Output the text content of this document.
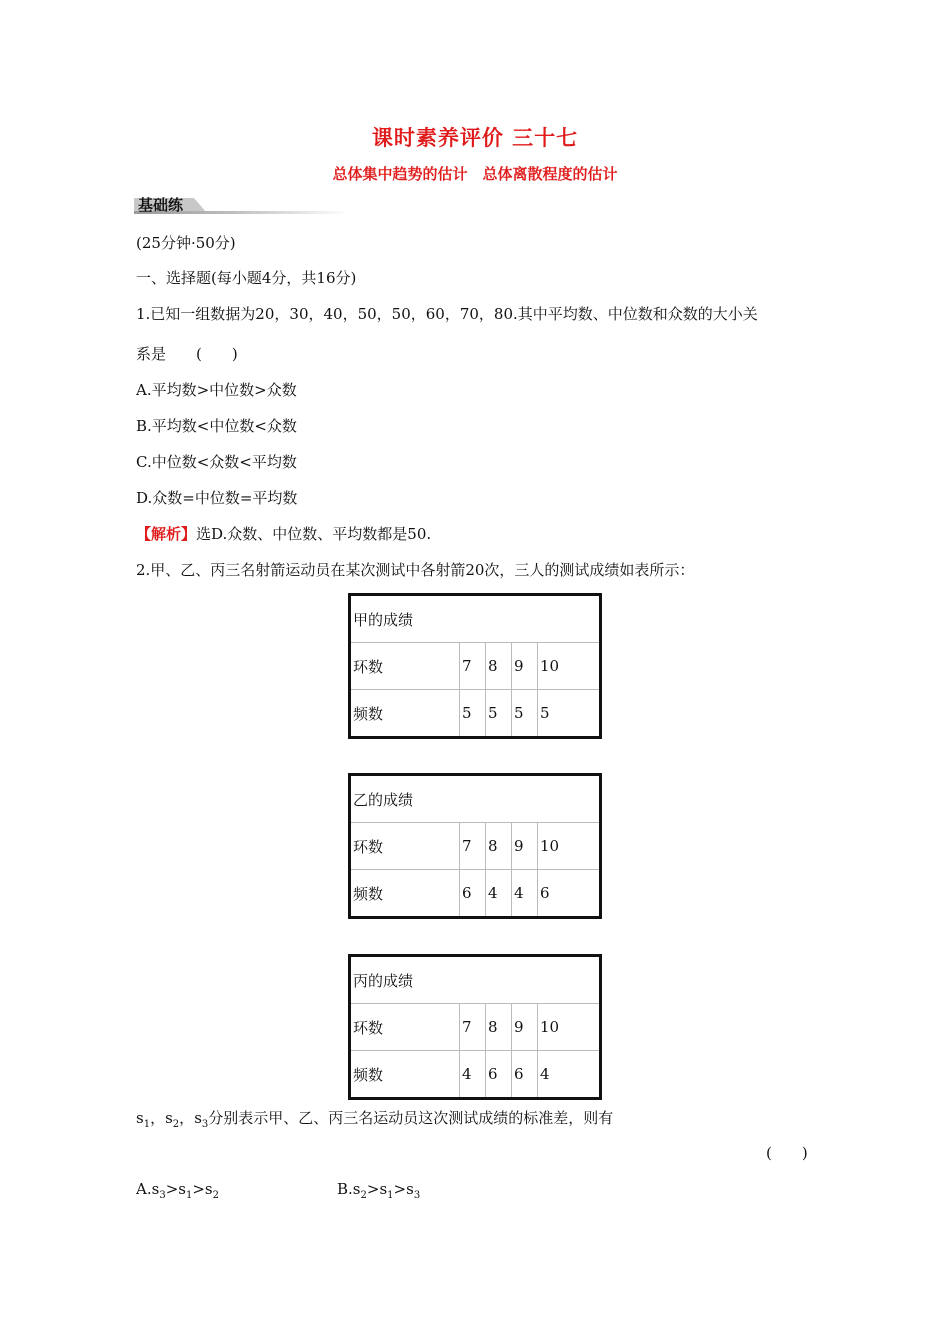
课时素养评价 三十七
总体集中趋势的估计　总体离散程度的估计
基础练
(25分钟·50分)
一、选择题(每小题4分，共16分)
1.已知一组数据为20，30，40，50，50，60，70，80.其中平均数、中位数和众数的大小关
系是　　(　　)
A.平均数>中位数>众数
B.平均数<中位数<众数
C.中位数<众数<平均数
D.众数=中位数=平均数
【解析】选D.众数、中位数、平均数都是50.
2.甲、乙、丙三名射箭运动员在某次测试中各射箭20次，三人的测试成绩如表所示：
甲的成绩				
环数	7	8	9	10
频数	5	5	5	5
乙的成绩				
环数	7	8	9	10
频数	6	4	4	6
丙的成绩				
环数	7	8	9	10
频数	4	6	6	4
$s_1$，$s_2$，$s_3$分别表示甲、乙、丙三名运动员这次测试成绩的标准差，则有
(　　)
$A.s_3>s_1>s_2$	$B.s_2>s_1>s_3$
